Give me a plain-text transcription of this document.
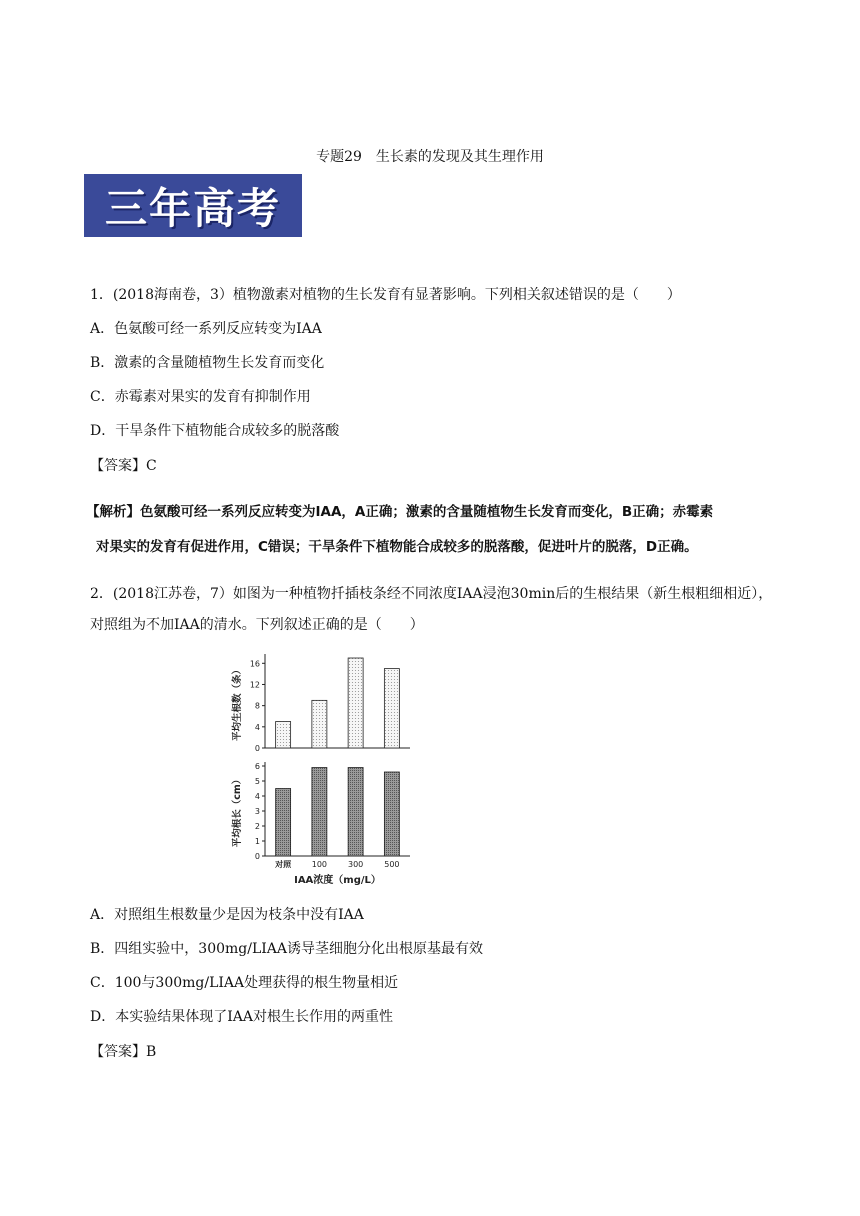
专题29　生长素的发现及其生理作用
三年高考
1．(2018海南卷，3）植物激素对植物的生长发育有显著影响。下列相关叙述错误的是（　　）
A．色氨酸可经一系列反应转变为IAA
B．激素的含量随植物生长发育而变化
C．赤霉素对果实的发育有抑制作用
D．干旱条件下植物能合成较多的脱落酸
【答案】C
【解析】色氨酸可经一系列反应转变为IAA，A正确；激素的含量随植物生长发育而变化，B正确；赤霉素
对果实的发育有促进作用，C错误；干旱条件下植物能合成较多的脱落酸，促进叶片的脱落，D正确。
2．(2018江苏卷，7）如图为一种植物扦插枝条经不同浓度IAA浸泡30min后的生根结果（新生根粗细相近），
对照组为不加IAA的清水。下列叙述正确的是（　　）
0
4
8
12
16
平均生根数（条）
0
1
2
3
4
5
6
对照	100	300	500
平均根长（cm）
IAA浓度（mg/L）
A．对照组生根数量少是因为枝条中没有IAA
B．四组实验中，300mg/LIAA诱导茎细胞分化出根原基最有效
C．100与300mg/LIAA处理获得的根生物量相近
D．本实验结果体现了IAA对根生长作用的两重性
【答案】B
